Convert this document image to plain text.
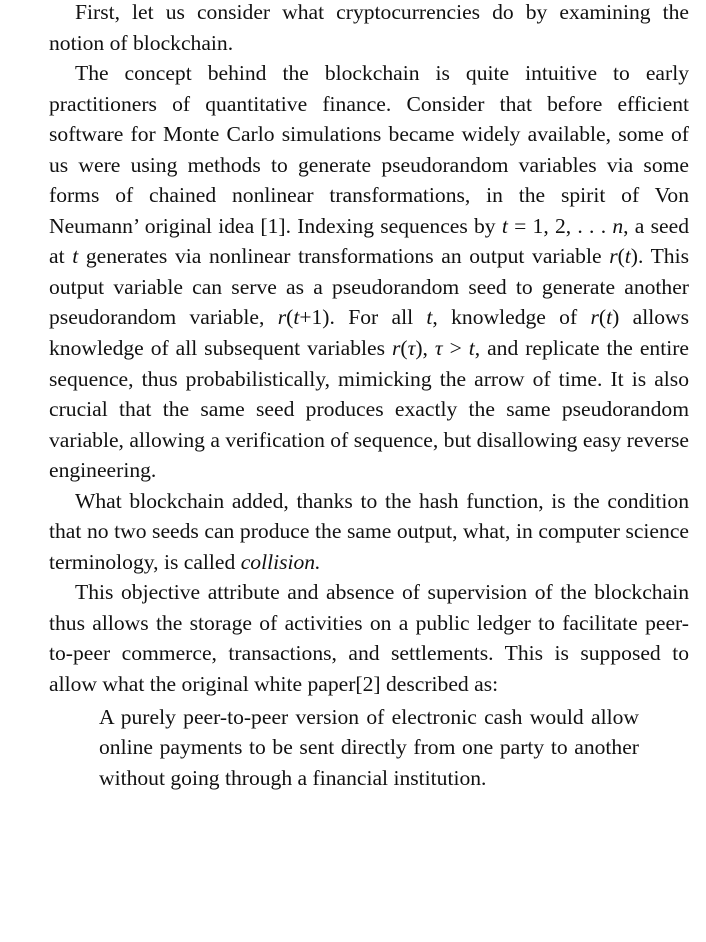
First, let us consider what cryptocurrencies do by examining the notion of blockchain.

The concept behind the blockchain is quite intuitive to early practitioners of quantitative finance. Consider that before efficient software for Monte Carlo simulations became widely available, some of us were using methods to generate pseudorandom variables via some forms of chained nonlinear transformations, in the spirit of Von Neumann’ original idea [1]. Indexing sequences by t = 1, 2, . . . n, a seed at t generates via nonlinear transformations an output variable r(t). This output variable can serve as a pseudorandom seed to generate another pseudorandom variable, r(t+1). For all t, knowledge of r(t) allows knowledge of all subsequent variables r(τ), τ > t, and replicate the entire sequence, thus probabilistically, mimicking the arrow of time. It is also crucial that the same seed produces exactly the same pseudorandom variable, allowing a verification of sequence, but disallowing easy reverse engineering.

What blockchain added, thanks to the hash function, is the condition that no two seeds can produce the same output, what, in computer science terminology, is called collision.

This objective attribute and absence of supervision of the blockchain thus allows the storage of activities on a public ledger to facilitate peer-to-peer commerce, transactions, and settlements. This is supposed to allow what the original white paper[2] described as:

A purely peer-to-peer version of electronic cash would allow online payments to be sent directly from one party to another without going through a financial institution.
